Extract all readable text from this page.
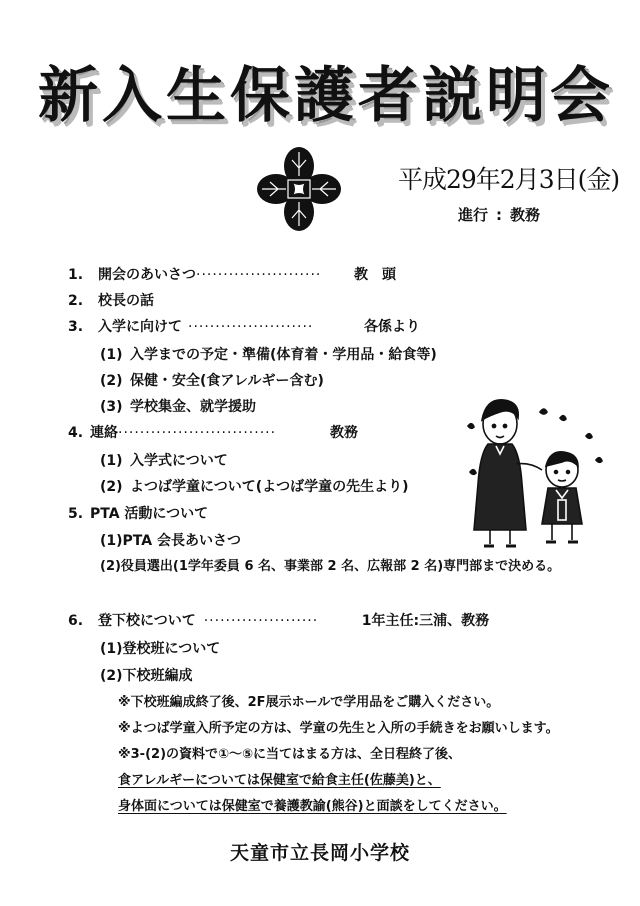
新入生保護者説明会
平成29年2月3日(金)
進行 : 教務
1. 開会のあいさつ······················· 教　頭
2. 校長の話
3. 入学に向けて ·······················	各係より
(1) 入学までの予定・準備(体育着・学用品・給食等)
(2) 保健・安全(食アレルギー含む)
(3) 学校集金、就学援助
4. 連絡·····························	教務
(1) 入学式について
(2) よつば学童について(よつば学童の先生より)
5. PTA 活動について
(1)PTA 会長あいさつ
(2)役員選出(1学年委員 6 名、事業部 2 名、広報部 2 名)専門部まで決める。
6. 登下校について ·····················	1年主任:三浦、教務
(1)登校班について
(2)下校班編成
※下校班編成終了後、2F展示ホールで学用品をご購入ください。
※よつば学童入所予定の方は、学童の先生と入所の手続きをお願いします。
※3-(2)の資料で①～⑤に当てはまる方は、全日程終了後、
食アレルギーについては保健室で給食主任(佐藤美)と、
身体面については保健室で養護教諭(熊谷)と面談をしてください。
天童市立長岡小学校
